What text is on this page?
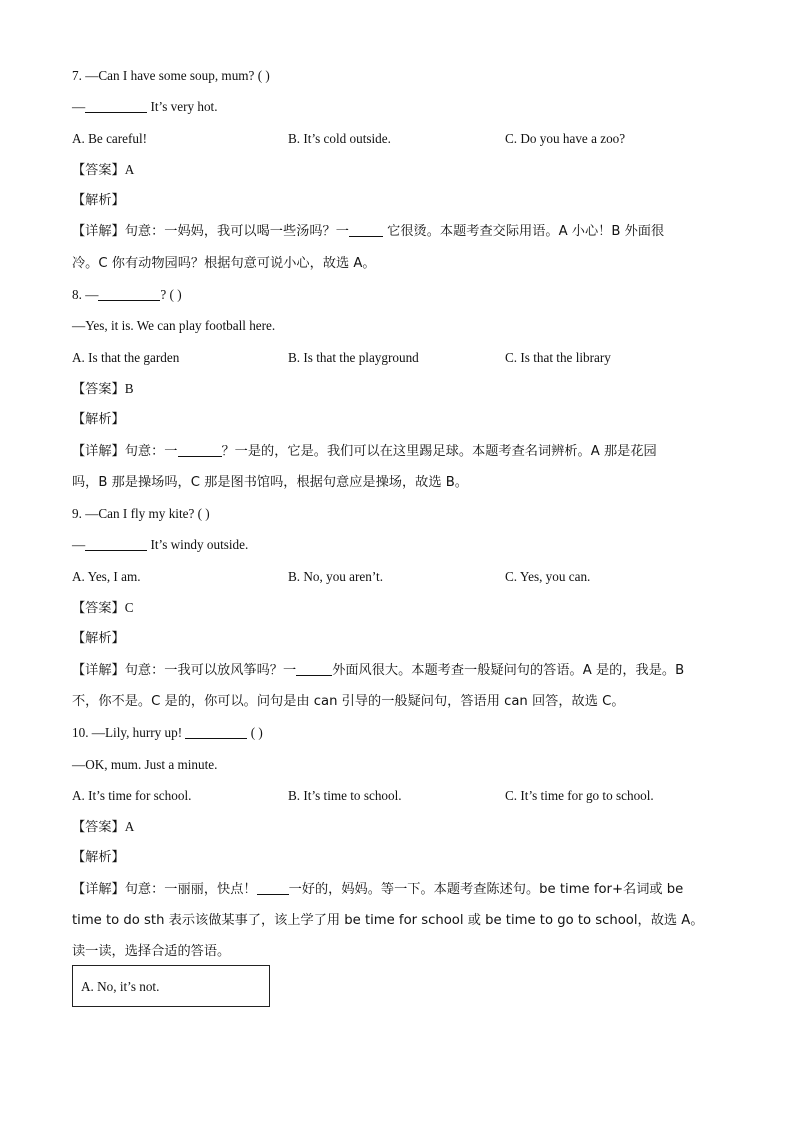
7. —Can I have some soup, mum? ( )
—	It’s very hot.
A. Be careful!	B. It’s cold outside.	C. Do you have a zoo?
【答案】A
【解析】
【详解】句意：一妈妈，我可以喝一些汤吗？一	它很烫。本题考查交际用语。A 小心！B 外面很
冷。C 你有动物园吗？根据句意可说小心，故选 A。
8. —	? ( )
—Yes, it is. We can play football here.
A. Is that the garden	B. Is that the playground	C. Is that the library
【答案】B
【解析】
【详解】句意：一	？一是的，它是。我们可以在这里踢足球。本题考查名词辨析。A 那是花园
吗，B 那是操场吗，C 那是图书馆吗，根据句意应是操场，故选 B。
9. —Can I fly my kite? ( )
—	It’s windy outside.
A. Yes, I am.	B. No, you aren’t.	C. Yes, you can.
【答案】C
【解析】
【详解】句意：一我可以放风筝吗？一	外面风很大。本题考查一般疑问句的答语。A 是的，我是。B
不，你不是。C 是的，你可以。问句是由 can 引导的一般疑问句，答语用 can 回答，故选 C。
10. —Lily, hurry up!	( )
—OK, mum. Just a minute.
A. It’s time for school.	B. It’s time to school.	C. It’s time for go to school.
【答案】A
【解析】
【详解】句意：一丽丽，快点！ 一好的，妈妈。等一下。本题考查陈述句。be time for+名词或 be
time to do sth 表示该做某事了，该上学了用 be time for school 或 be time to go to school，故选 A。
读一读，选择合适的答语。
A. No, it’s not.
